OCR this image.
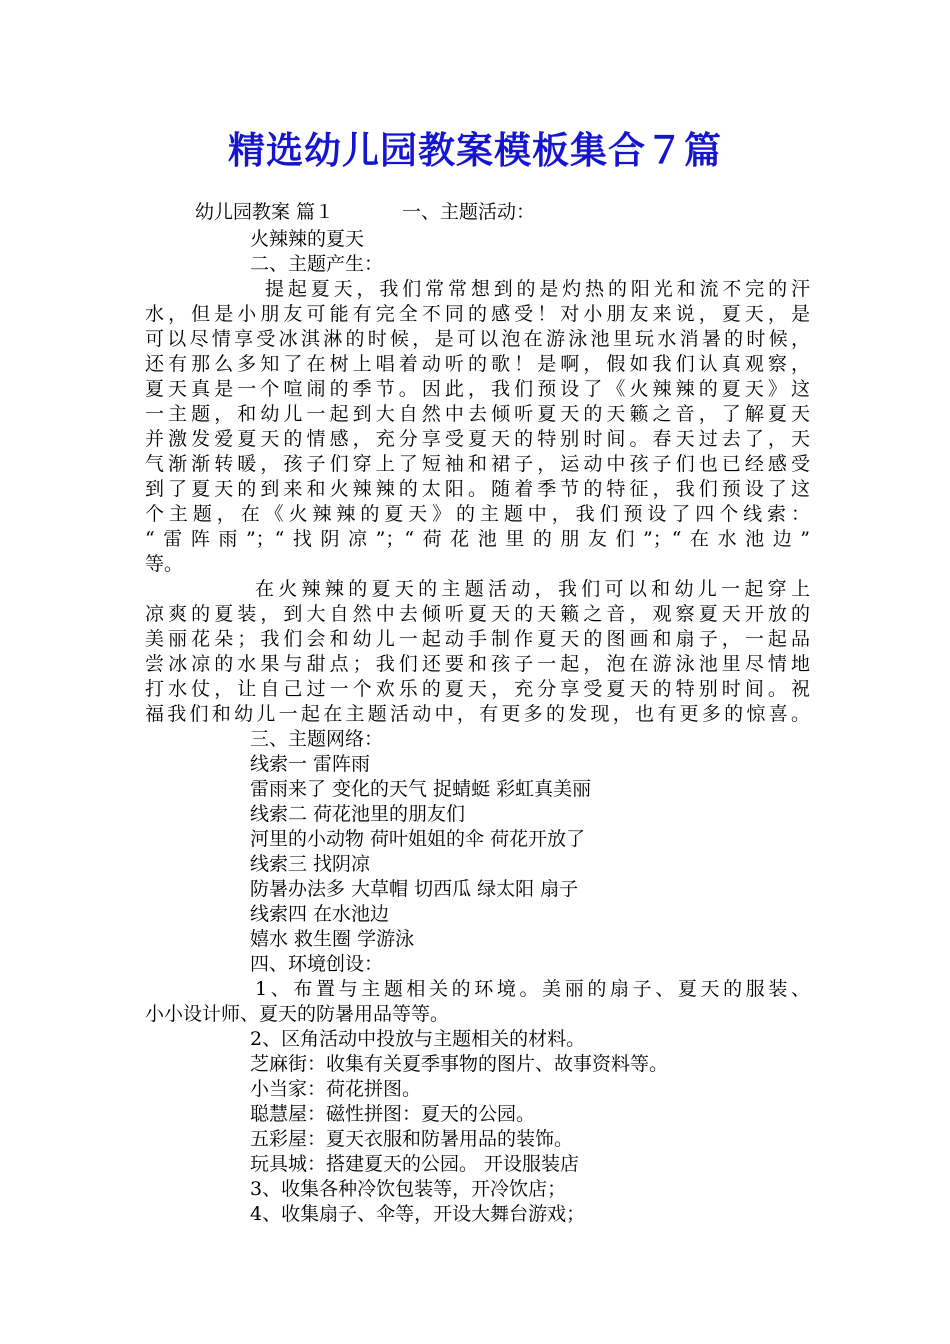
精选幼儿园教案模板集合７篇
幼儿园教案 篇１	一、主题活动：
火辣辣的夏天
二、主题产生：
提起夏天，我们常常想到的是灼热的阳光和流不完的汗
水，但是小朋友可能有完全不同的感受！对小朋友来说，夏天，是
可以尽情享受冰淇淋的时候，是可以泡在游泳池里玩水消暑的时候，
还有那么多知了在树上唱着动听的歌！是啊，假如我们认真观察，
夏天真是一个喧闹的季节。因此，我们预设了《火辣辣的夏天》这
一主题，和幼儿一起到大自然中去倾听夏天的天籁之音，了解夏天
并激发爱夏天的情感，充分享受夏天的特别时间。春天过去了，天
气渐渐转暖，孩子们穿上了短袖和裙子，运动中孩子们也已经感受
到了夏天的到来和火辣辣的太阳。随着季节的特征，我们预设了这
个主题，在《火辣辣的夏天》的主题中，我们预设了四个线索：
“雷阵雨”；“找阴凉”；“荷花池里的朋友们”；“在水池边”
等。
在火辣辣的夏天的主题活动，我们可以和幼儿一起穿上
凉爽的夏装，到大自然中去倾听夏天的天籁之音，观察夏天开放的
美丽花朵；我们会和幼儿一起动手制作夏天的图画和扇子，一起品
尝冰凉的水果与甜点；我们还要和孩子一起，泡在游泳池里尽情地
打水仗，让自己过一个欢乐的夏天，充分享受夏天的特别时间。祝
福我们和幼儿一起在主题活动中，有更多的发现，也有更多的惊喜。
三、主题网络：
线索一 雷阵雨
雷雨来了 变化的天气 捉蜻蜓 彩虹真美丽
线索二 荷花池里的朋友们
河里的小动物 荷叶姐姐的伞 荷花开放了
线索三 找阴凉
防暑办法多 大草帽 切西瓜 绿太阳 扇子
线索四 在水池边
嬉水 救生圈 学游泳
四、环境创设：
1、布置与主题相关的环境。美丽的扇子、夏天的服装、
小小设计师、夏天的防暑用品等等。
2、区角活动中投放与主题相关的材料。
芝麻街：收集有关夏季事物的图片、故事资料等。
小当家：荷花拼图。
聪慧屋：磁性拼图：夏天的公园。
五彩屋：夏天衣服和防暑用品的装饰。
玩具城：搭建夏天的公园。 开设服装店
3、收集各种冷饮包装等，开冷饮店；
4、收集扇子、伞等，开设大舞台游戏；
